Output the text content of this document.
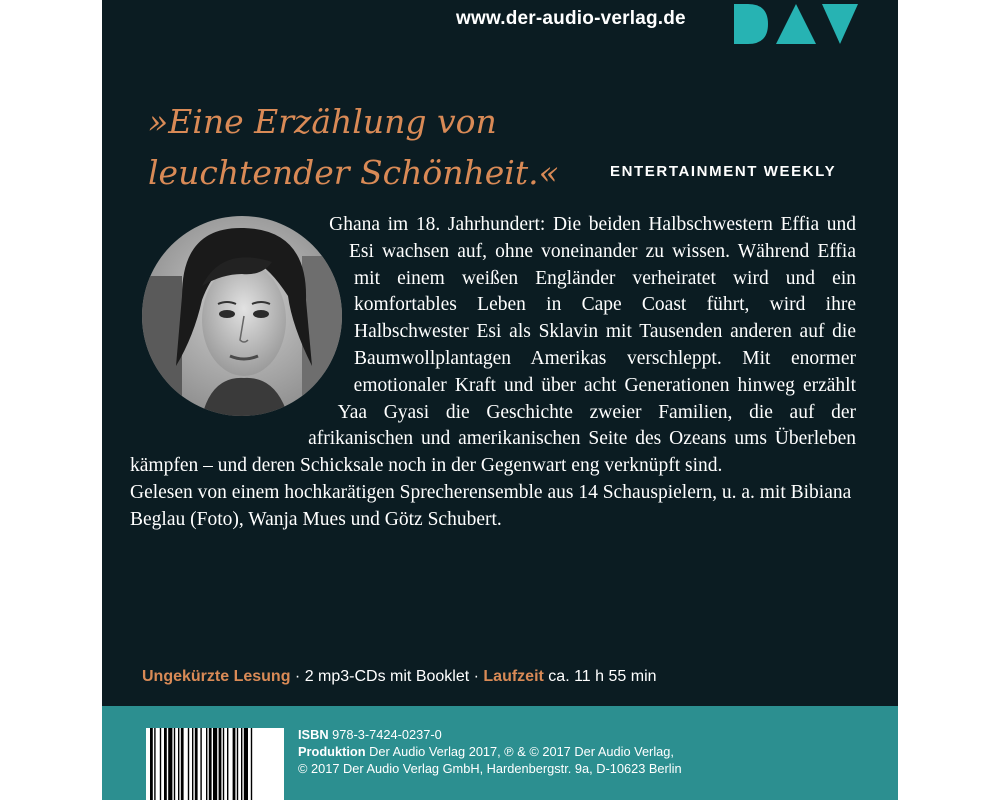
www.der-audio-verlag.de
»Eine Erzählung von
leuchtender Schönheit.«	ENTERTAINMENT WEEKLY

Ghana im 18. Jahrhundert: Die beiden Halbschwestern Effia und Esi wachsen auf, ohne voneinander zu wissen. Während Effia mit einem weißen Engländer verheiratet wird und ein komfortables Leben in Cape Coast führt, wird ihre Halbschwester Esi als Sklavin mit Tausenden anderen auf die Baumwollplantagen Amerikas verschleppt. Mit enormer emotionaler Kraft und über acht Generationen hinweg erzählt Yaa Gyasi die Geschichte zweier Familien, die auf der afrikanischen und amerikanischen Seite des Ozeans ums Überleben kämpfen – und deren Schicksale noch in der Gegenwart eng verknüpft sind.

Gelesen von einem hochkarätigen Sprecherensemble aus 14 Schauspielern, u. a. mit Bibiana Beglau (Foto), Wanja Mues und Götz Schubert.

Ungekürzte Lesung · 2 mp3-CDs mit Booklet · Laufzeit ca. 11 h 55 min
ISBN 978-3-7424-0237-0
Produktion Der Audio Verlag 2017, ℗ & © 2017 Der Audio Verlag,
© 2017 Der Audio Verlag GmbH, Hardenbergstr. 9a, D-10623 Berlin
